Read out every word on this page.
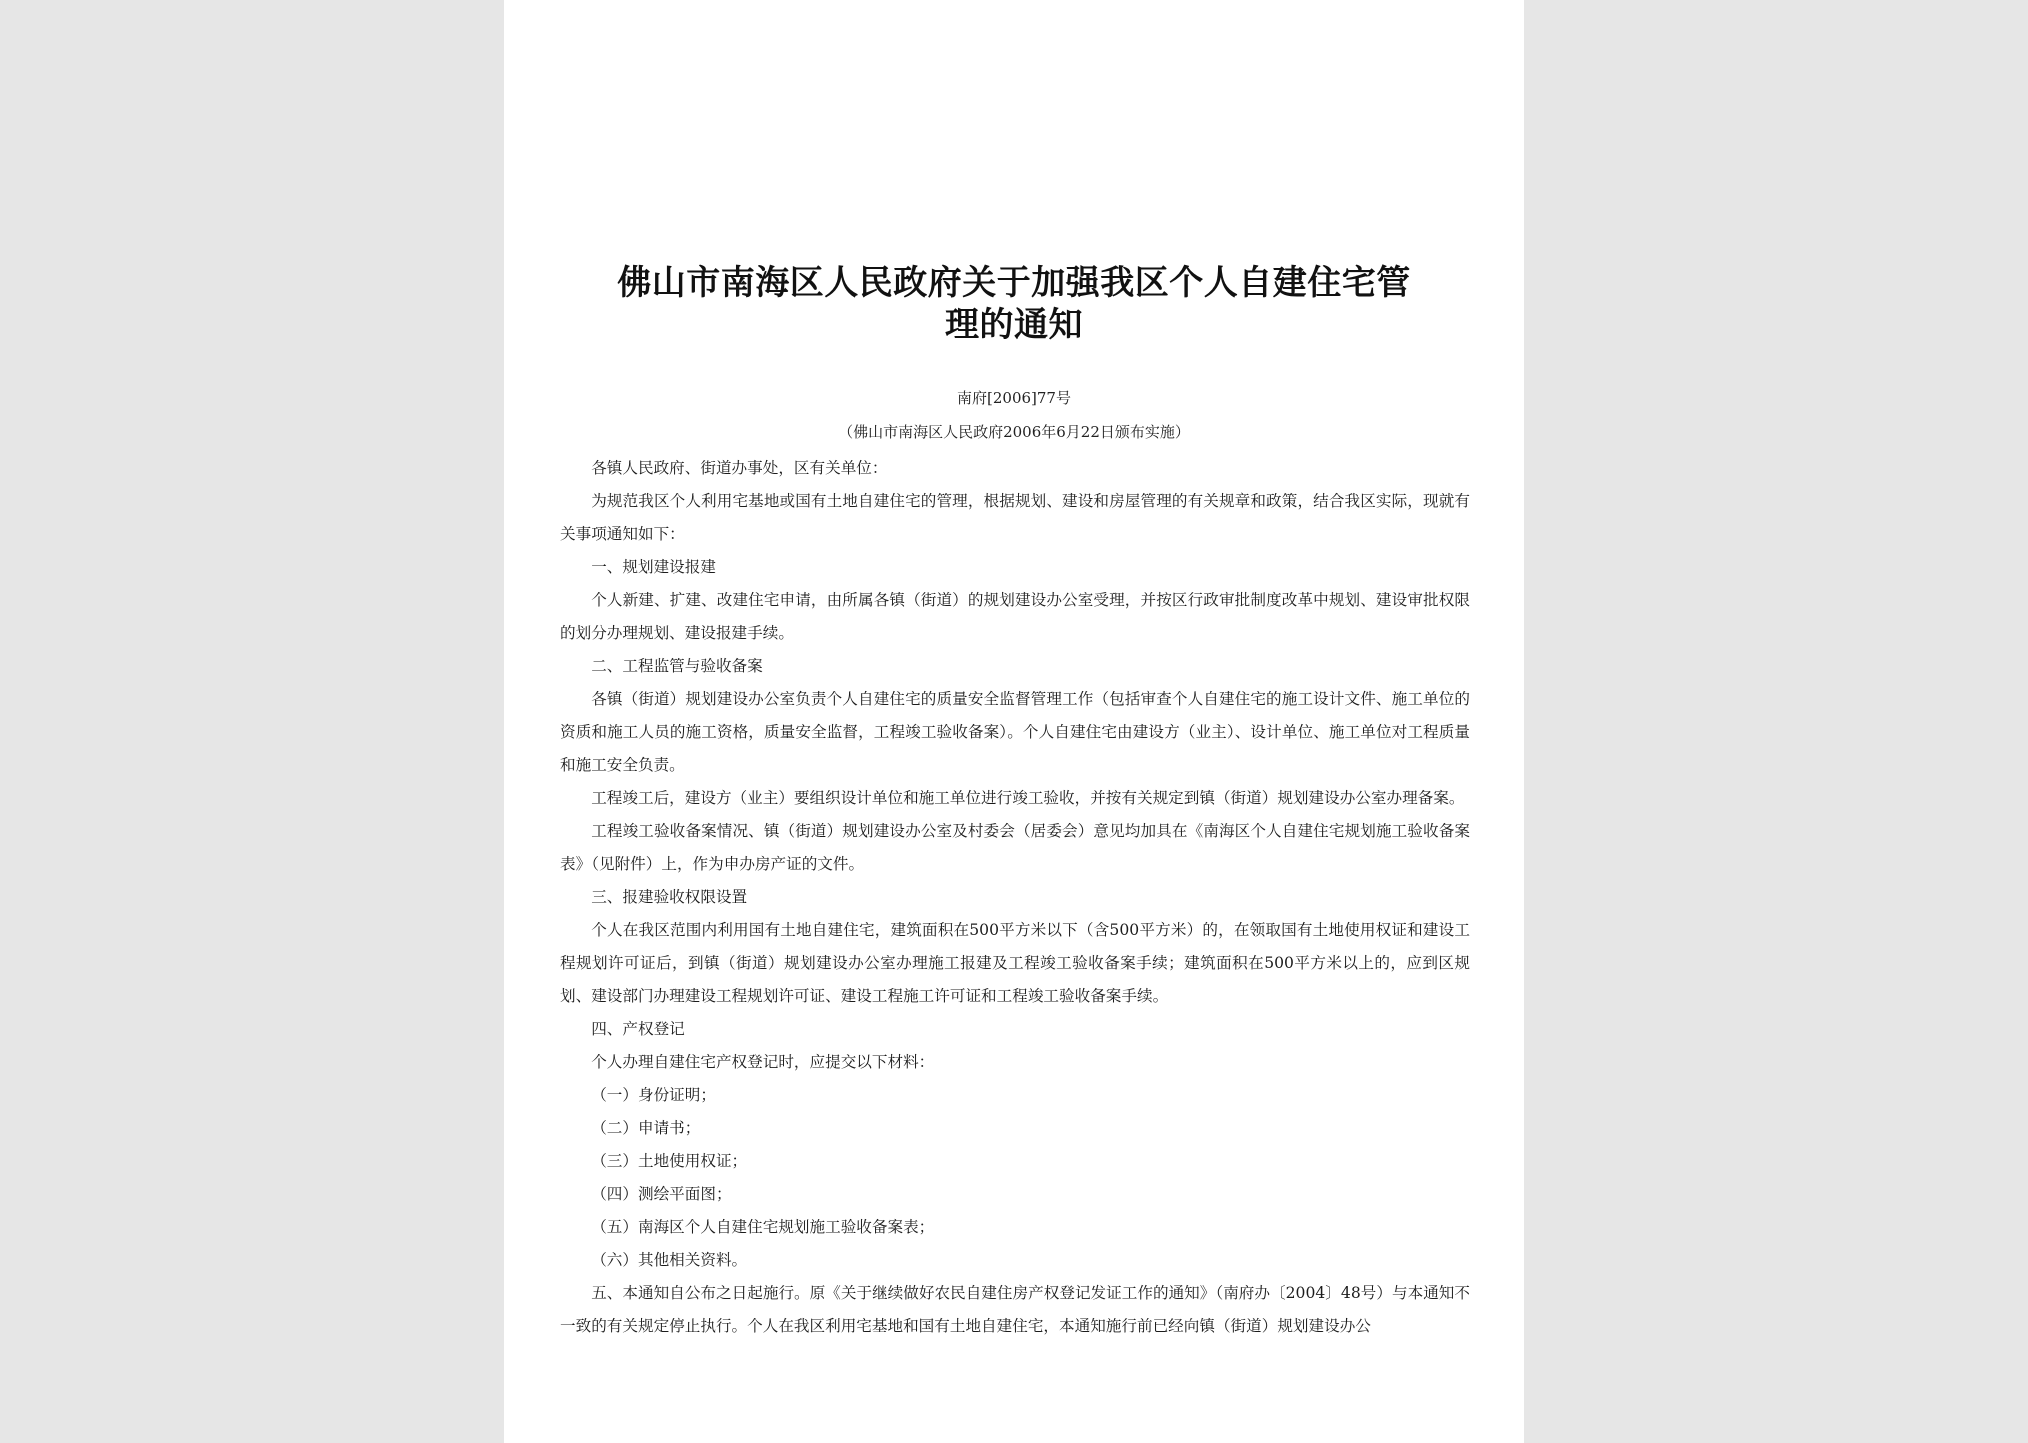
佛山市南海区人民政府关于加强我区个人自建住宅管
理的通知
南府[2006]77号
（佛山市南海区人民政府2006年6月22日颁布实施）

各镇人民政府、街道办事处，区有关单位：

为规范我区个人利用宅基地或国有土地自建住宅的管理，根据规划、建设和房屋管理的有关规章和政策，结合我区实际，现就有关事项通知如下：

一、规划建设报建

个人新建、扩建、改建住宅申请，由所属各镇（街道）的规划建设办公室受理，并按区行政审批制度改革中规划、建设审批权限的划分办理规划、建设报建手续。

二、工程监管与验收备案

各镇（街道）规划建设办公室负责个人自建住宅的质量安全监督管理工作（包括审查个人自建住宅的施工设计文件、施工单位的资质和施工人员的施工资格，质量安全监督，工程竣工验收备案）。个人自建住宅由建设方（业主）、设计单位、施工单位对工程质量和施工安全负责。

工程竣工后，建设方（业主）要组织设计单位和施工单位进行竣工验收，并按有关规定到镇（街道）规划建设办公室办理备案。

工程竣工验收备案情况、镇（街道）规划建设办公室及村委会（居委会）意见均加具在《南海区个人自建住宅规划施工验收备案表》（见附件）上，作为申办房产证的文件。

三、报建验收权限设置

个人在我区范围内利用国有土地自建住宅，建筑面积在500平方米以下（含500平方米）的，在领取国有土地使用权证和建设工程规划许可证后，到镇（街道）规划建设办公室办理施工报建及工程竣工验收备案手续；建筑面积在500平方米以上的，应到区规划、建设部门办理建设工程规划许可证、建设工程施工许可证和工程竣工验收备案手续。

四、产权登记

个人办理自建住宅产权登记时，应提交以下材料：

（一）身份证明；

（二）申请书；

（三）土地使用权证；

（四）测绘平面图；

（五）南海区个人自建住宅规划施工验收备案表；

（六）其他相关资料。

五、本通知自公布之日起施行。原《关于继续做好农民自建住房产权登记发证工作的通知》（南府办〔2004〕48号）与本通知不一致的有关规定停止执行。个人在我区利用宅基地和国有土地自建住宅，本通知施行前已经向镇（街道）规划建设办公
